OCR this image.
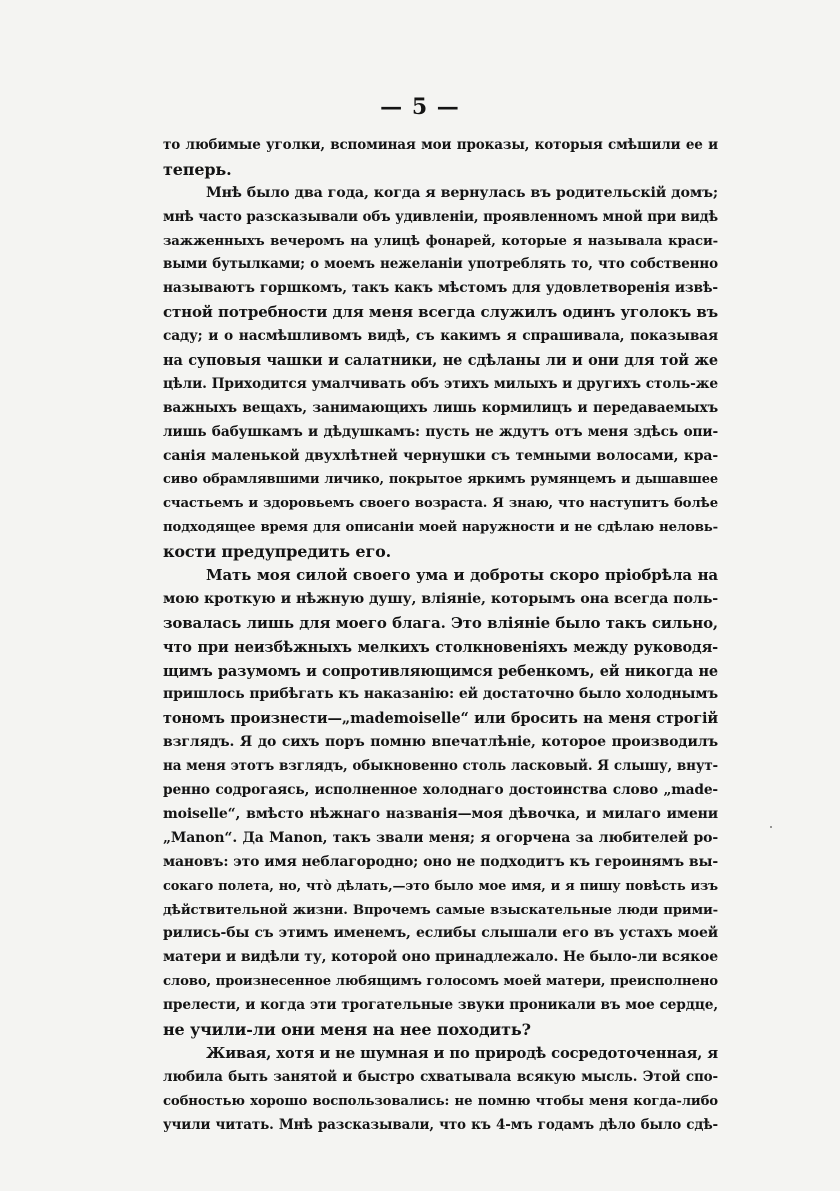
— 5 —
то любимые уголки, вспоминая мои проказы, которыя смѣшили ее и
теперь.
Мнѣ было два года, когда я вернулась въ родительскій домъ;
мнѣ часто разсказывали объ удивленіи, проявленномъ мной при видѣ
зажженныхъ вечеромъ на улицѣ фонарей, которые я называла краси-
выми бутылками; о моемъ нежеланіи употреблять то, что собственно
называютъ горшкомъ, такъ какъ мѣстомъ для удовлетворенія извѣ-
стной потребности для меня всегда служилъ одинъ уголокъ въ
саду; и о насмѣшливомъ видѣ, съ какимъ я спрашивала, показывая
на суповыя чашки и салатники, не сдѣланы ли и они для той же
цѣли. Приходится умалчивать объ этихъ милыхъ и другихъ столь-же
важныхъ вещахъ, занимающихъ лишь кормилицъ и передаваемыхъ
лишь бабушкамъ и дѣдушкамъ: пусть не ждутъ отъ меня здѣсь опи-
санія маленькой двухлѣтней чернушки съ темными волосами, кра-
сиво обрамлявшими личико, покрытое яркимъ румянцемъ и дышавшее
счастьемъ и здоровьемъ своего возраста. Я знаю, что наступитъ болѣе
подходящее время для описаніи моей наружности и не сдѣлаю неловь-
кости предупредить его.
Мать моя силой своего ума и доброты скоро пріобрѣла на
мою кроткую и нѣжную душу, вліяніе, которымъ она всегда поль-
зовалась лишь для моего блага. Это вліяніе было такъ сильно,
что при неизбѣжныхъ мелкихъ столкновеніяхъ между руководя-
щимъ разумомъ и сопротивляющимся ребенкомъ, ей никогда не
пришлось прибѣгать къ наказанію: ей достаточно было холоднымъ
тономъ произнести—„mademoiselle“ или бросить на меня строгій
взглядъ. Я до сихъ поръ помню впечатлѣніе, которое производилъ
на меня этотъ взглядъ, обыкновенно столь ласковый. Я слышу, внут-
ренно содрогаясь, исполненное холоднаго достоинства слово „made-
moiselle“, вмѣсто нѣжнаго названія—моя дѣвочка, и милаго имени
„Manon“. Да Manon, такъ звали меня; я огорчена за любителей ро-
мановъ: это имя неблагородно; оно не подходитъ къ героинямъ вы-
сокаго полета, но, что̀ дѣлать,—это было мое имя, и я пишу повѣсть изъ
дѣйствительной жизни. Впрочемъ самые взыскательные люди прими-
рились-бы съ этимъ именемъ, еслибы слышали его въ устахъ моей
матери и видѣли ту, которой оно принадлежало. Не было-ли всякое
слово, произнесенное любящимъ голосомъ моей матери, преисполнено
прелести, и когда эти трогательные звуки проникали въ мое сердце,
не учили-ли они меня на нее походить?
Живая, хотя и не шумная и по природѣ сосредоточенная, я
любила быть занятой и быстро схватывала всякую мысль. Этой спо-
собностью хорошо воспользовались: не помню чтобы меня когда-либо
учили читать. Мнѣ разсказывали, что къ 4-мъ годамъ дѣло было сдѣ-
